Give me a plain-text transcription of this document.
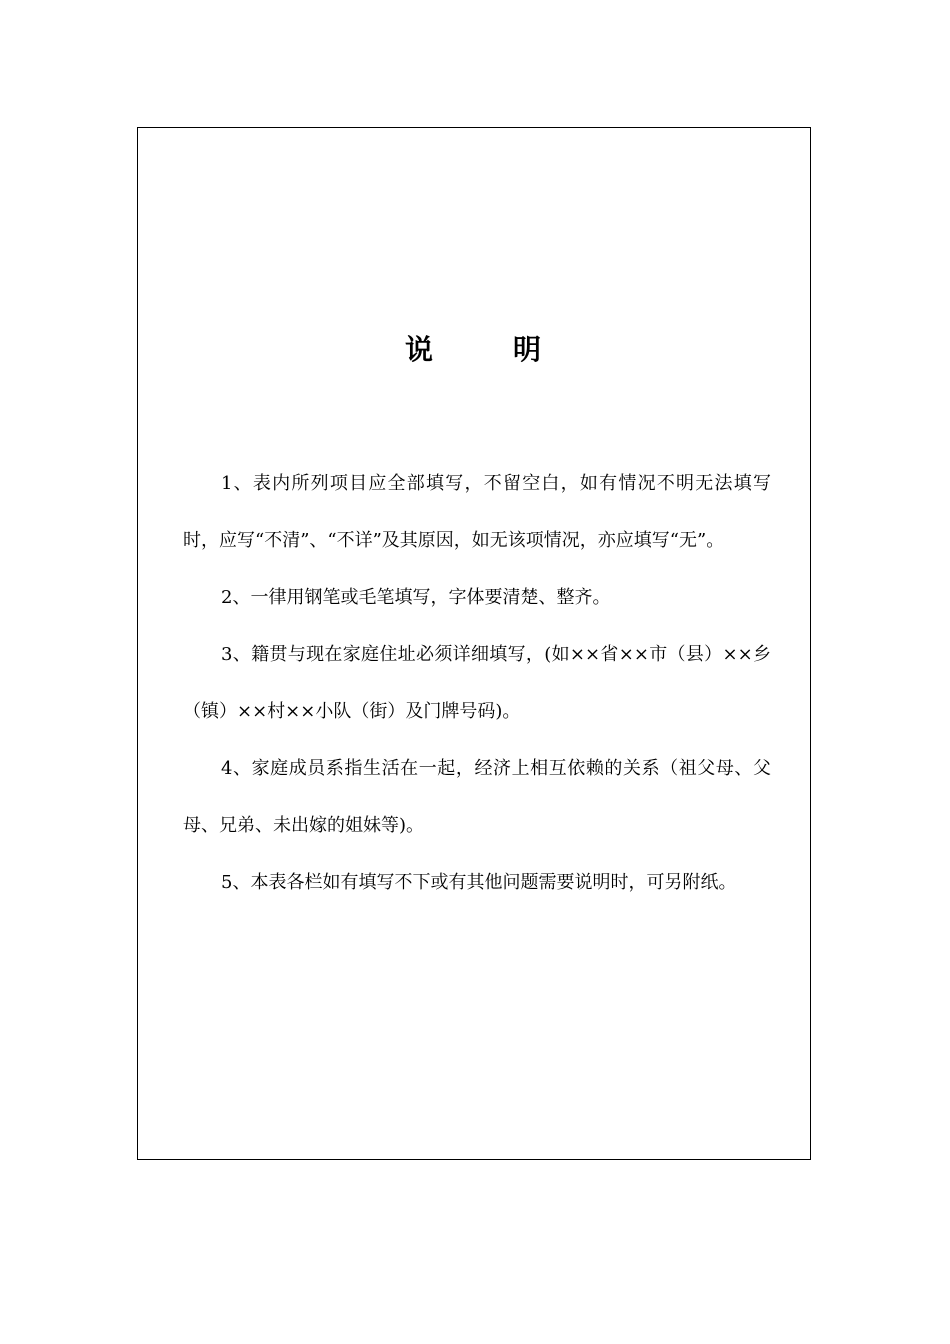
说	明

1、表内所列项目应全部填写，不留空白，如有情况不明无法填写时，应写“不清”、“不详”及其原因，如无该项情况，亦应填写“无”。

2、一律用钢笔或毛笔填写，字体要清楚、整齐。

3、籍贯与现在家庭住址必须详细填写，(如××省××市（县）××乡（镇）××村××小队（街）及门牌号码)。

4、家庭成员系指生活在一起，经济上相互依赖的关系（祖父母、父母、兄弟、未出嫁的姐妹等)。

5、本表各栏如有填写不下或有其他问题需要说明时，可另附纸。
